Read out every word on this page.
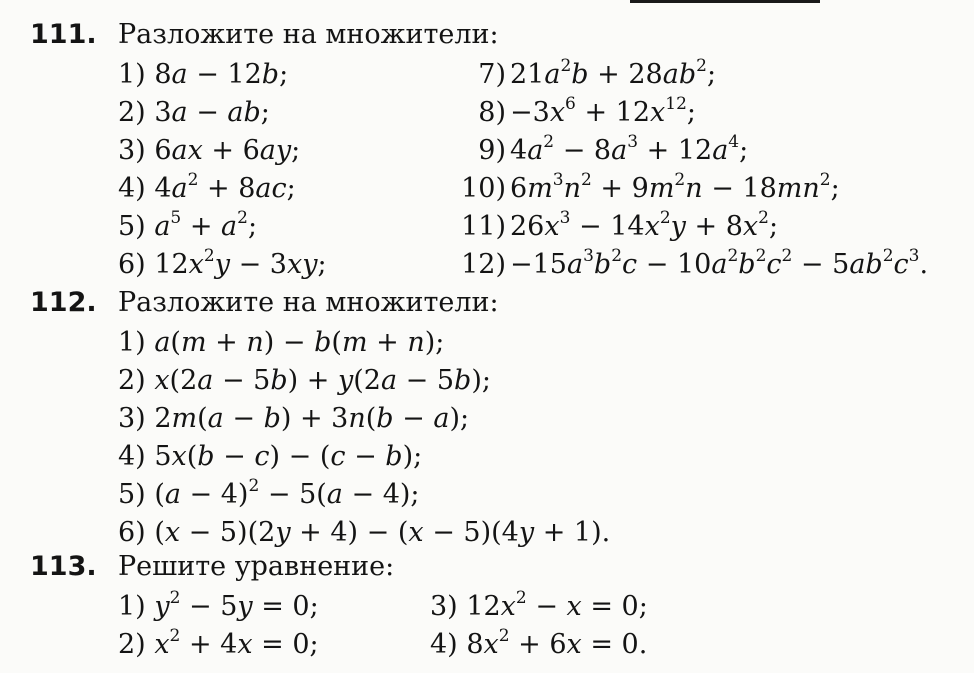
111. Разложите на множители:
1) 8a − 12b;	7) $21a^2b + 28ab^2$;
2) 3a − ab;	$8) -3x^6 + 12x^{12}$;
3) 6ax + 6ay;	9) $4a^2 - 8a^3 + 12a^4$;
4) $4a^2 + 8ac$;	10) $6m^3n^2 + 9m^2n - 18mn^2$;
5) $a^5 + a^2$;	11) $26x^3 - 14x^2y + 8x^2$;
6) $12x^2y - 3xy$;	$12) -15a^3b^2c - 10a^2b^2c^2 - 5ab^2c^3$.
112. Разложите на множители:
1) a(m + n) − b(m + n);
2) x(2a − 5b) + y(2a − 5b);
3) 2m(a − b) + 3n(b − a);
4) 5x(b − c) − (c − b);
5) $(a - 4)^2 - 5(a - 4)$;
6) (x − 5)(2y + 4) − (x − 5)(4y + 1).
113. Решите уравнение:
1) $y^2 - 5y = 0$;	3) $12x^2 - x = 0$;
2) $x^2 + 4x = 0$;	4) $8x^2 + 6x = 0$.
